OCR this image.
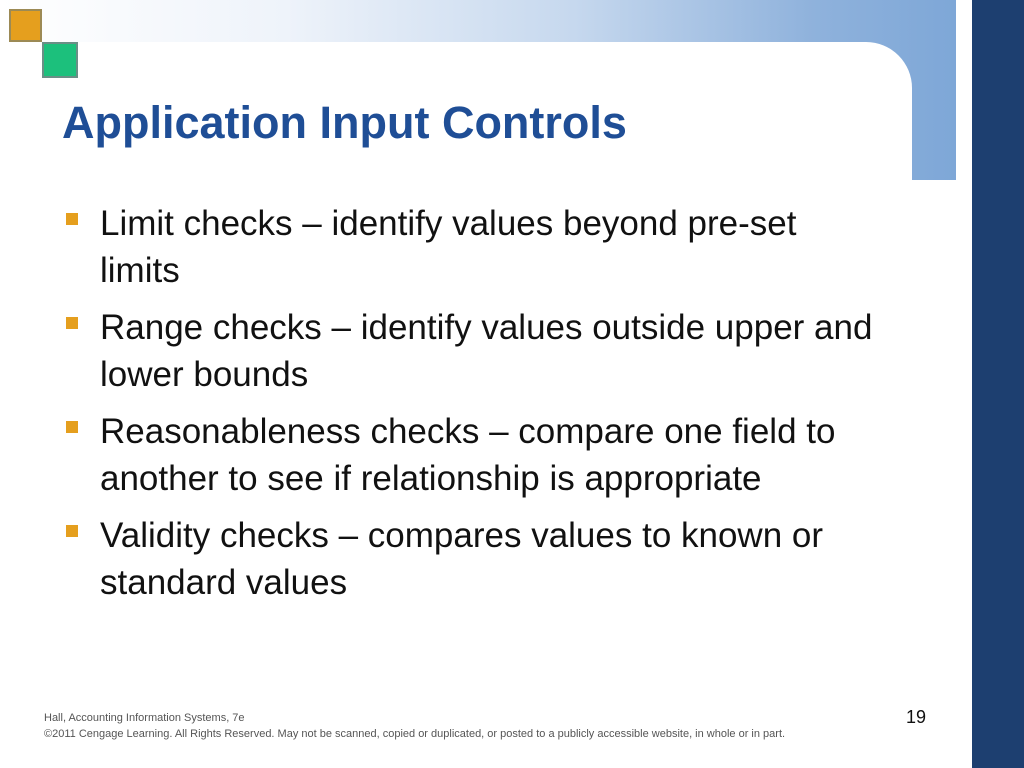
Application Input Controls
Limit checks – identify values beyond pre-set limits
Range checks – identify values outside upper and lower bounds
Reasonableness checks – compare one field to another to see if relationship is appropriate
Validity checks – compares values to known or standard values
Hall, Accounting Information Systems, 7e
©2011 Cengage Learning. All Rights Reserved. May not be scanned, copied or duplicated, or posted to a publicly accessible website, in whole or in part.
19
